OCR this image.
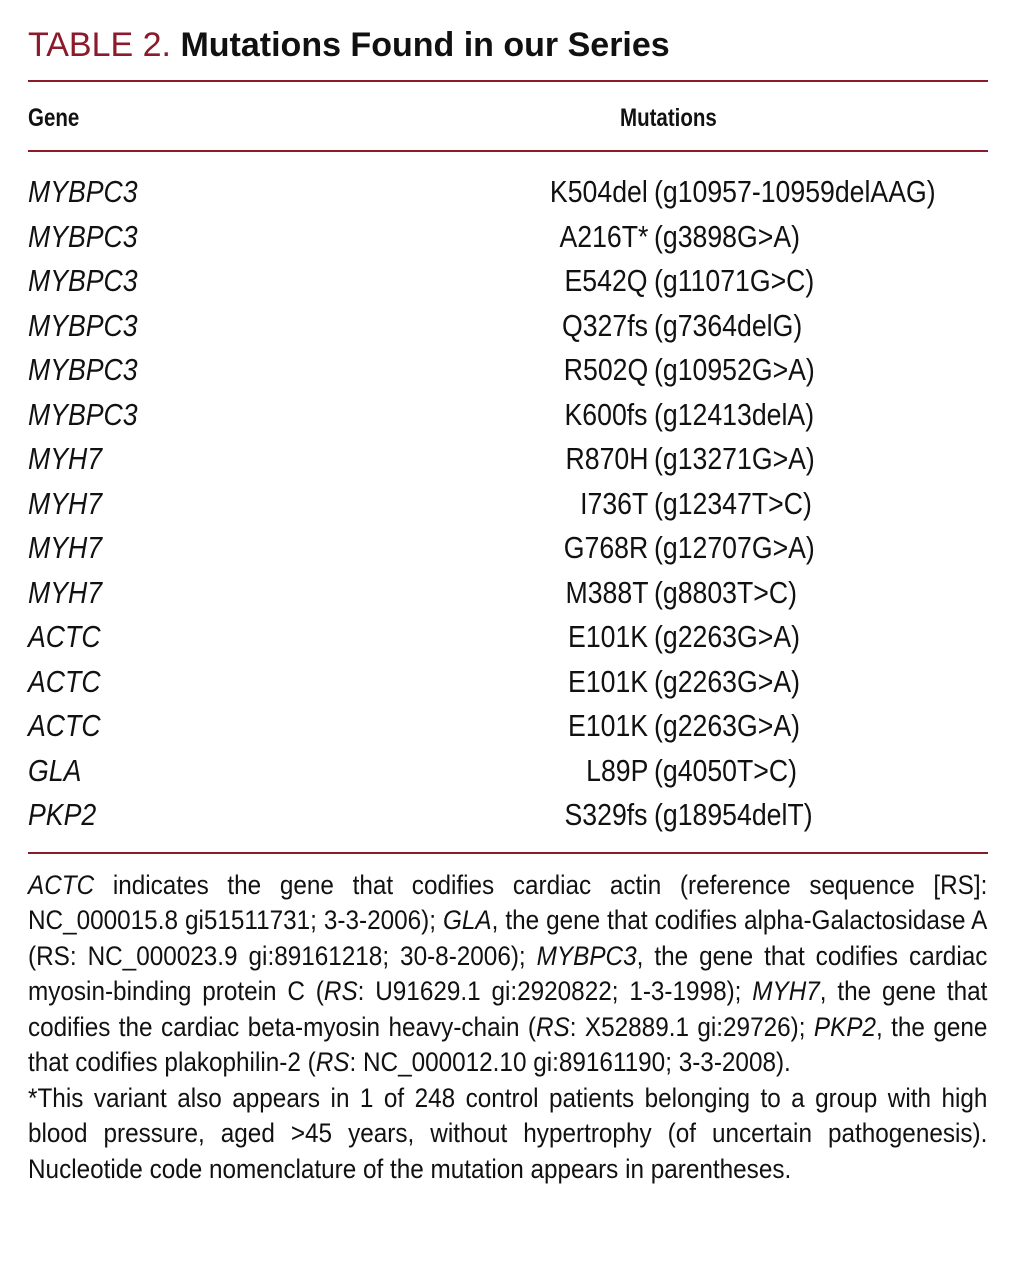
TABLE 2. Mutations Found in our Series
Gene	Mutations
MYBPC3	K504del (g10957-10959delAAG)
MYBPC3	A216T* (g3898G>A)
MYBPC3	E542Q (g11071G>C)
MYBPC3	Q327fs (g7364delG)
MYBPC3	R502Q (g10952G>A)
MYBPC3	K600fs (g12413delA)
MYH7	R870H (g13271G>A)
MYH7	I736T (g12347T>C)
MYH7	G768R (g12707G>A)
MYH7	M388T (g8803T>C)
ACTC	E101K (g2263G>A)
ACTC	E101K (g2263G>A)
ACTC	E101K (g2263G>A)
GLA	L89P (g4050T>C)
PKP2	S329fs (g18954delT)

ACTC indicates the gene that codifies cardiac actin (reference sequence [RS]: NC_000015.8 gi51511731; 3-3-2006); GLA, the gene that codifies alpha-Galactosidase A (RS: NC_000023.9 gi:89161218; 30-8-2006); MYBPC3, the gene that codifies cardiac myosin-binding protein C (RS: U91629.1 gi:2920822; 1-3-1998); MYH7, the gene that codifies the cardiac beta-myosin heavy-chain (RS: X52889.1 gi:29726); PKP2, the gene that codifies plakophilin-2 (RS: NC_000012.10 gi:89161190; 3-3-2008).

*This variant also appears in 1 of 248 control patients belonging to a group with high blood pressure, aged >45 years, without hypertrophy (of uncertain pathogenesis). Nucleotide code nomenclature of the mutation appears in parentheses.
